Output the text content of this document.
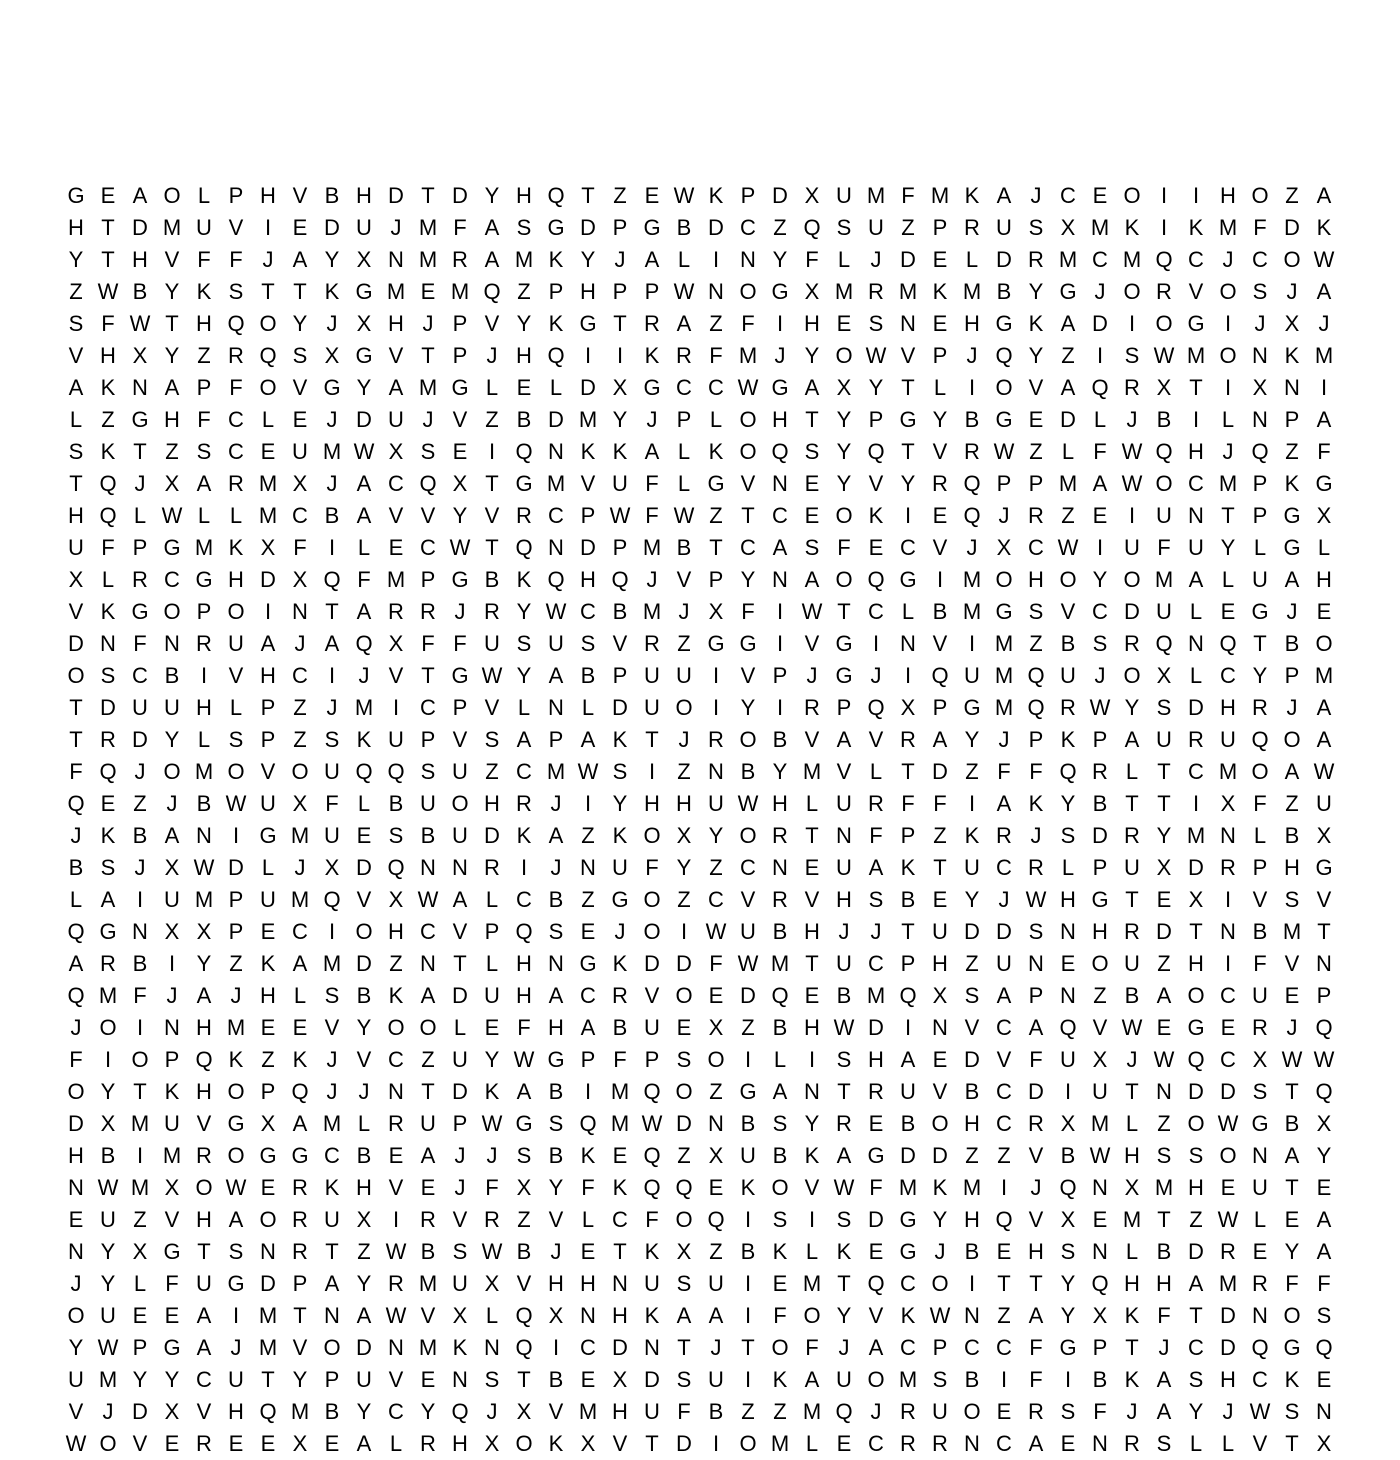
G E A O L P H V B H D T D Y H Q T Z E W K P D X U M F M K A J C E O I	I H O Z A
H T D M U V I E D U J M F A S G D P G B D C Z Q S U Z P R U S X M K I K M F D K
Y T H V F F J A Y X N M R A M K Y J A L	I N Y F L J D E L D R M C M Q C J C O W
Z W B Y K S T T K G M E M Q Z P H P P W N O G X M R M K M B Y G J O R V O S J A
S F W T H Q O Y J X H J P V Y K G T R A Z F	I H E S N E H G K A D I O G I	J X J
V H X Y Z R Q S X G V T P J H Q I	I K R F M J Y O W V P J Q Y Z	I S W M O N K M
A K N A P F O V G Y A M G L E L D X G C C W G A X Y T L	I O V A Q R X T	I X N I
L Z G H F C L E J D U J V Z B D M Y J P L O H T Y P G Y B G E D L J B I	L N P A
S K T Z S C E U M W X S E I Q N K K A L K O Q S Y Q T V R W Z L F W Q H J Q Z F
T Q J X A R M X J A C Q X T G M V U F L G V N E Y V Y R Q P P M A W O C M P K G
H Q L W L L M C B A V V Y V R C P W F W Z T C E O K I E Q J R Z E I U N T P G X
U F P G M K X F	I	L E C W T Q N D P M B T C A S F E C V J X C W I U F U Y L G L
X L R C G H D X Q F M P G B K Q H Q J V P Y N A O Q G I M O H O Y O M A L U A H
V K G O P O I N T A R R J R Y W C B M J X F	I W T C L B M G S V C D U L E G J E
D N F N R U A J A Q X F F U S U S V R Z G G I V G I N V I M Z B S R Q N Q T B O
O S C B I V H C I	J V T G W Y A B P U U I V P J G J	I Q U M Q U J O X L C Y P M
T D U U H L P Z J M I C P V L N L D U O I Y I R P Q X P G M Q R W Y S D H R J A
T R D Y L S P Z S K U P V S A P A K T J R O B V A V R A Y J P K P A U R U Q O A
F Q J O M O V O U Q Q S U Z C M W S I	Z N B Y M V L T D Z F F Q R L T C M O A W
Q E Z J B W U X F L B U O H R J	I Y H H U W H L U R F F	I A K Y B T T	I X F Z U
J K B A N I G M U E S B U D K A Z K O X Y O R T N F P Z K R J S D R Y M N L B X
B S J X W D L J X D Q N N R I	J N U F Y Z C N E U A K T U C R L P U X D R P H G
L A I U M P U M Q V X W A L C B Z G O Z C V R V H S B E Y J W H G T E X I V S V
Q G N X X P E C I O H C V P Q S E J O I W U B H J J T U D D S N H R D T N B M T
A R B I Y Z K A M D Z N T L H N G K D D F W M T U C P H Z U N E O U Z H I	F V N
Q M F J A J H L S B K A D U H A C R V O E D Q E B M Q X S A P N Z B A O C U E P
J O I N H M E E V Y O O L E F H A B U E X Z B H W D I N V C A Q V W E G E R J Q
F	I O P Q K Z K J V C Z U Y W G P F P S O I	L	I S H A E D V F U X J W Q C X W W
O Y T K H O P Q J J N T D K A B I M Q O Z G A N T R U V B C D I U T N D D S T Q
D X M U V G X A M L R U P W G S Q M W D N B S Y R E B O H C R X M L Z O W G B X
H B I M R O G G C B E A J J S B K E Q Z X U B K A G D D Z Z V B W H S S O N A Y
N W M X O W E R K H V E J F X Y F K Q Q E K O V W F M K M I	J Q N X M H E U T E
E U Z V H A O R U X I R V R Z V L C F O Q I S I S D G Y H Q V X E M T Z W L E A
N Y X G T S N R T Z W B S W B J E T K X Z B K L K E G J B E H S N L B D R E Y A
J Y L F U G D P A Y R M U X V H H N U S U I E M T Q C O I	T T Y Q H H A M R F F
O U E E A I M T N A W V X L Q X N H K A A I	F O Y V K W N Z A Y X K F T D N O S
Y W P G A J M V O D N M K N Q I C D N T J T O F J A C P C C F G P T J C D Q G Q
U M Y Y C U T Y P U V E N S T B E X D S U I K A U O M S B I	F	I B K A S H C K E
V J D X V H Q M B Y C Y Q J X V M H U F B Z Z M Q J R U O E R S F J A Y J W S N
W O V E R E E X E A L R H X O K X V T D I O M L E C R R N C A E N R S L L V T X
